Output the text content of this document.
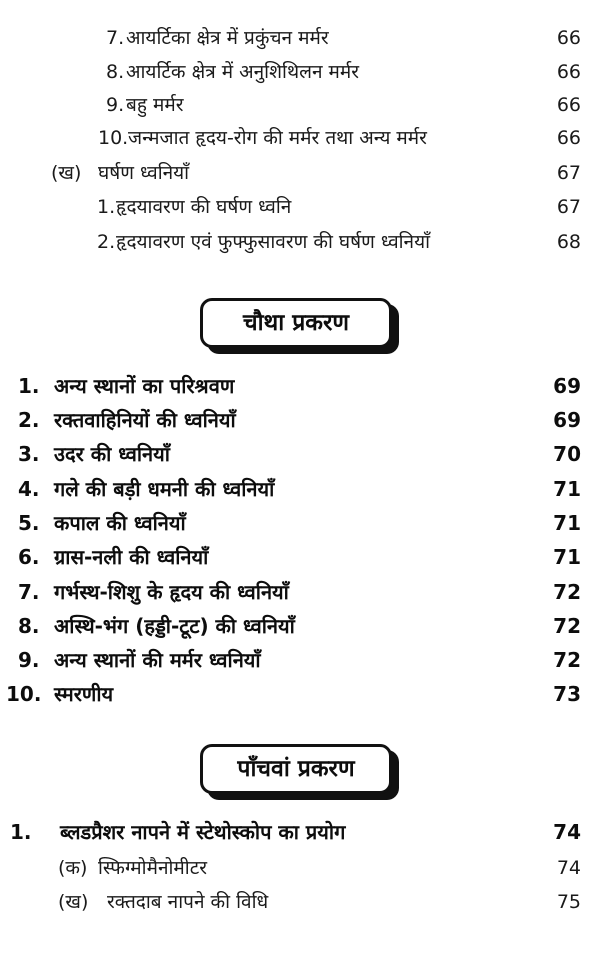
7. आयर्टिका क्षेत्र में प्रकुंचन मर्मर	66
8. आयर्टिक क्षेत्र में अनुशिथिलन मर्मर	66
9. बहु मर्मर	66
10. जन्मजात हृदय-रोग की मर्मर तथा अन्य मर्मर	66
(ख) घर्षण ध्वनियाँ	67
1. हृदयावरण की घर्षण ध्वनि	67
2. हृदयावरण एवं फुफ्फुसावरण की घर्षण ध्वनियाँ	68
चौथा प्रकरण
1. अन्य स्थानों का परिश्रवण	69
2. रक्तवाहिनियों की ध्वनियाँ	69
3. उदर की ध्वनियाँ	70
4. गले की बड़ी धमनी की ध्वनियाँ	71
5. कपाल की ध्वनियाँ	71
6. ग्रास-नली की ध्वनियाँ	71
7. गर्भस्थ-शिशु के हृदय की ध्वनियाँ	72
8. अस्थि-भंग (हड्डी-टूट) की ध्वनियाँ	72
9. अन्य स्थानों की मर्मर ध्वनियाँ	72
10. स्मरणीय	73
पाँचवां प्रकरण
1. ब्लडप्रैशर नापने में स्टेथोस्कोप का प्रयोग	74
(क) स्फिग्मोमैनोमीटर	74
(ख) रक्तदाब नापने की विधि	75
